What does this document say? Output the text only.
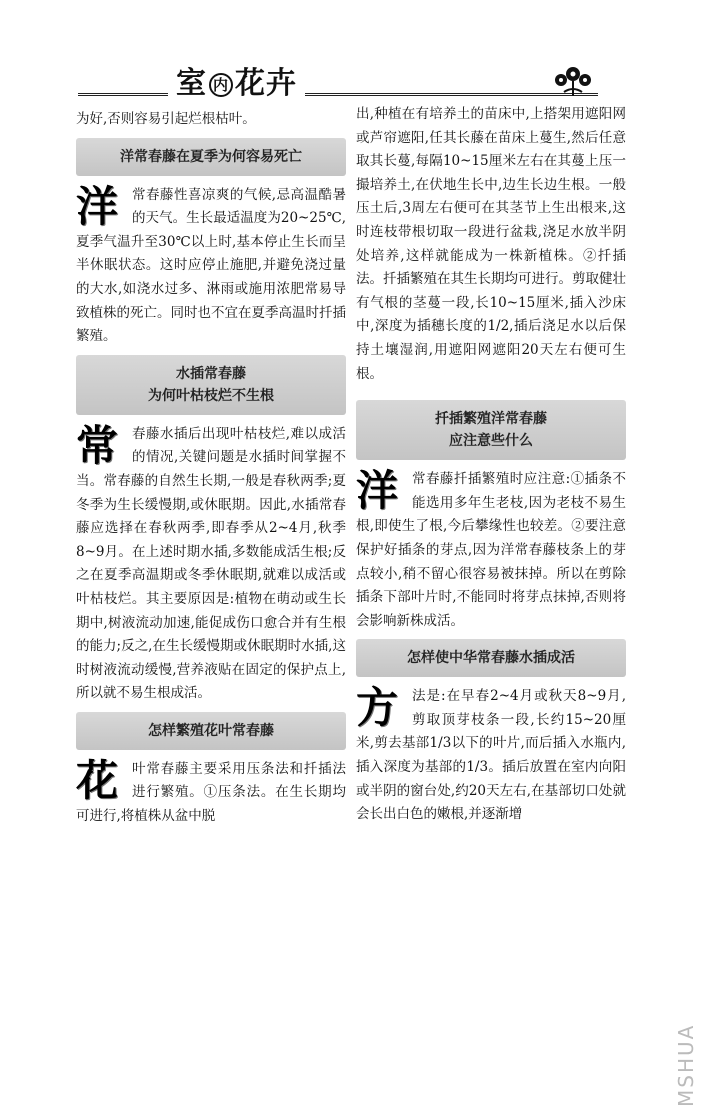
室 内 花卉

为好,否则容易引起烂根枯叶。

洋常春藤在夏季为何容易死亡

洋	常春藤性喜凉爽的气候,忌高温酷暑的天气。生长最适温度为20~25℃,夏季气温升至30℃以上时,基本停止生长而呈半休眠状态。这时应停止施肥,并避免浇过量的大水,如浇水过多、淋雨或施用浓肥常易导致植株的死亡。同时也不宜在夏季高温时扦插繁殖。

水插常春藤
为何叶枯枝烂不生根

常	春藤水插后出现叶枯枝烂,难以成活的情况,关键问题是水插时间掌握不当。常春藤的自然生长期,一般是春秋两季;夏冬季为生长缓慢期,或休眠期。因此,水插常春藤应选择在春秋两季,即春季从2~4月,秋季8~9月。在上述时期水插,多数能成活生根;反之在夏季高温期或冬季休眠期,就难以成活或叶枯枝烂。其主要原因是:植物在萌动或生长期中,树液流动加速,能促成伤口愈合并有生根的能力;反之,在生长缓慢期或休眠期时水插,这时树液流动缓慢,营养液贴在固定的保护点上,所以就不易生根成活。

怎样繁殖花叶常春藤

花	叶常春藤主要采用压条法和扦插法进行繁殖。①压条法。在生长期均可进行,将植株从盆中脱

出,种植在有培养土的苗床中,上搭架用遮阳网或芦帘遮阳,任其长藤在苗床上蔓生,然后任意取其长蔓,每隔10~15厘米左右在其蔓上压一撮培养土,在伏地生长中,边生长边生根。一般压土后,3周左右便可在其茎节上生出根来,这时连枝带根切取一段进行盆栽,浇足水放半阴处培养,这样就能成为一株新植株。②扦插法。扦插繁殖在其生长期均可进行。剪取健壮有气根的茎蔓一段,长10~15厘米,插入沙床中,深度为插穗长度的1/2,插后浇足水以后保持土壤湿润,用遮阳网遮阳20天左右便可生根。

扦插繁殖洋常春藤
应注意些什么

洋	常春藤扦插繁殖时应注意:①插条不能选用多年生老枝,因为老枝不易生根,即使生了根,今后攀缘性也较差。②要注意保护好插条的芽点,因为洋常春藤枝条上的芽点较小,稍不留心很容易被抹掉。所以在剪除插条下部叶片时,不能同时将芽点抹掉,否则将会影响新株成活。

怎样使中华常春藤水插成活

方	法是:在早春2~4月或秋天8~9月,剪取顶芽枝条一段,长约15~20厘米,剪去基部1/3以下的叶片,而后插入水瓶内,插入深度为基部的1/3。插后放置在室内向阳或半阴的窗台处,约20天左右,在基部切口处就会长出白色的嫩根,并逐渐增

MSHUA
